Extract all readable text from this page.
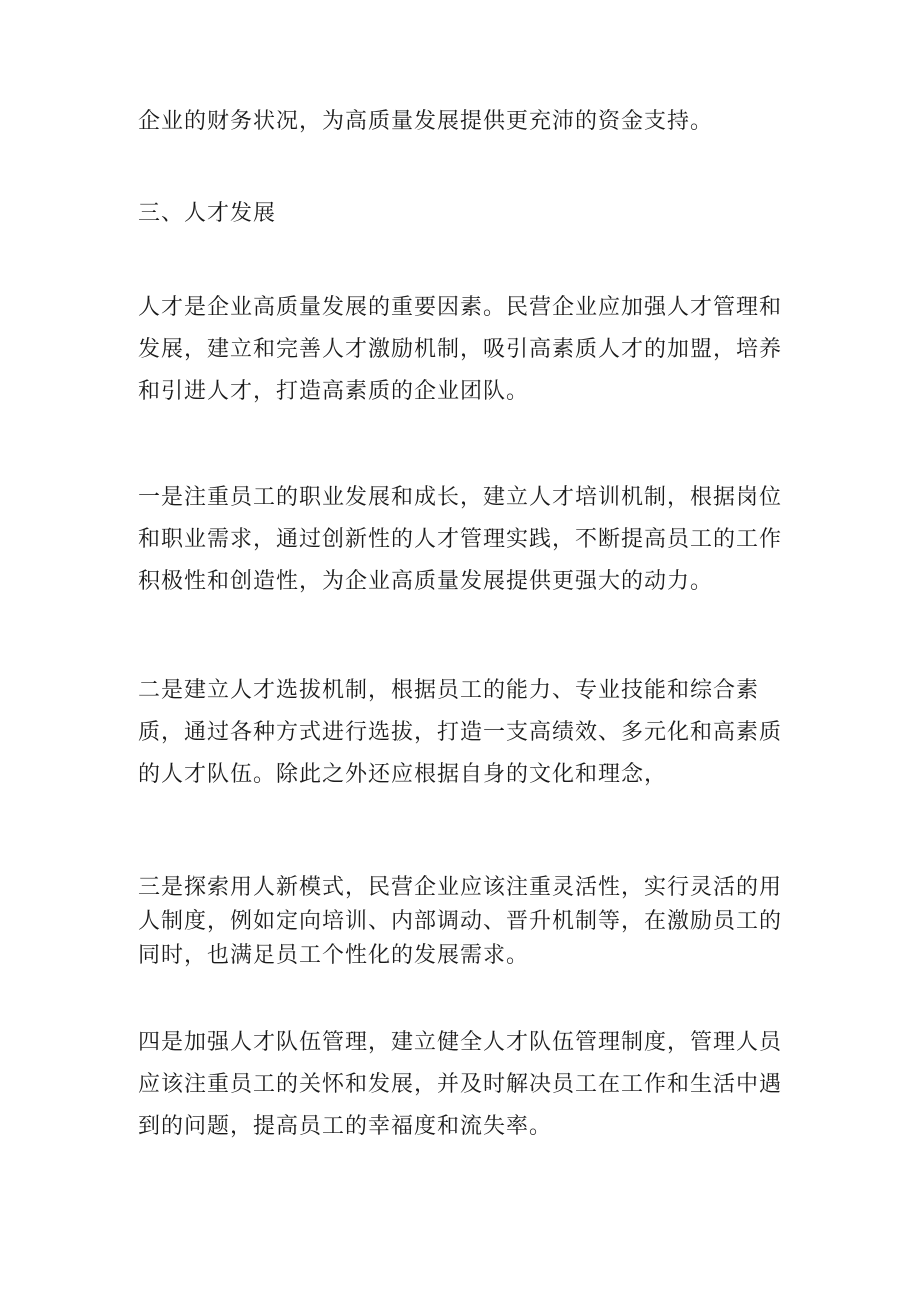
企业的财务状况，为高质量发展提供更充沛的资金支持。

三、人才发展

人才是企业高质量发展的重要因素。民营企业应加强人才管理和发展，建立和完善人才激励机制，吸引高素质人才的加盟，培养和引进人才，打造高素质的企业团队。

一是注重员工的职业发展和成长，建立人才培训机制，根据岗位和职业需求，通过创新性的人才管理实践，不断提高员工的工作积极性和创造性，为企业高质量发展提供更强大的动力。

二是建立人才选拔机制，根据员工的能力、专业技能和综合素质，通过各种方式进行选拔，打造一支高绩效、多元化和高素质的人才队伍。除此之外还应根据自身的文化和理念，

三是探索用人新模式，民营企业应该注重灵活性，实行灵活的用人制度，例如定向培训、内部调动、晋升机制等，在激励员工的同时，也满足员工个性化的发展需求。

四是加强人才队伍管理，建立健全人才队伍管理制度，管理人员应该注重员工的关怀和发展，并及时解决员工在工作和生活中遇到的问题，提高员工的幸福度和流失率。
